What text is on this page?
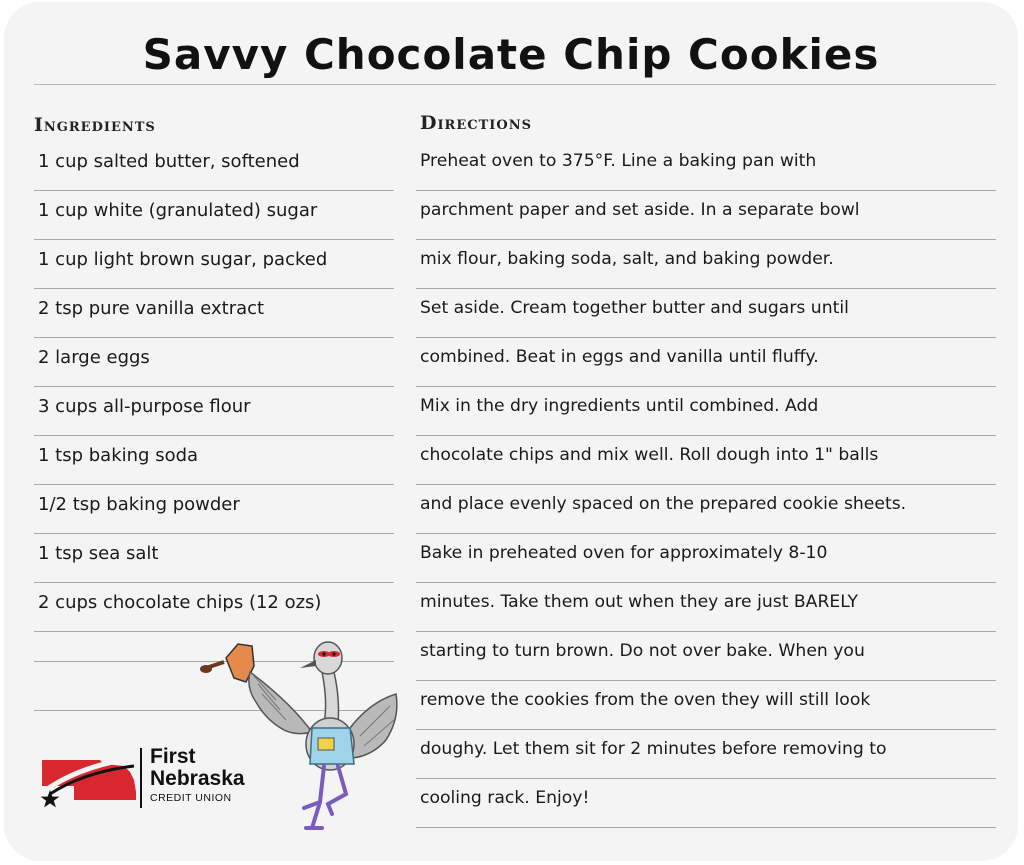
Savvy Chocolate Chip Cookies
Ingredients
1 cup salted butter, softened
1 cup white (granulated) sugar
1 cup light brown sugar, packed
2 tsp pure vanilla extract
2 large eggs
3 cups all-purpose flour
1 tsp baking soda
1/2 tsp baking powder
1 tsp sea salt
2 cups chocolate chips (12 ozs)
Directions
Preheat oven to 375°F. Line a baking pan with
parchment paper and set aside. In a separate bowl
mix flour, baking soda, salt, and baking powder.
Set aside. Cream together butter and sugars until
combined. Beat in eggs and vanilla until fluffy.
Mix in the dry ingredients until combined. Add
chocolate chips and mix well. Roll dough into 1" balls
and place evenly spaced on the prepared cookie sheets.
Bake in preheated oven for approximately 8-10
minutes. Take them out when they are just BARELY
starting to turn brown. Do not over bake. When you
remove the cookies from the oven they will still look
doughy. Let them sit for 2 minutes before removing to
cooling rack. Enjoy!
First
Nebraska
CREDIT UNION
